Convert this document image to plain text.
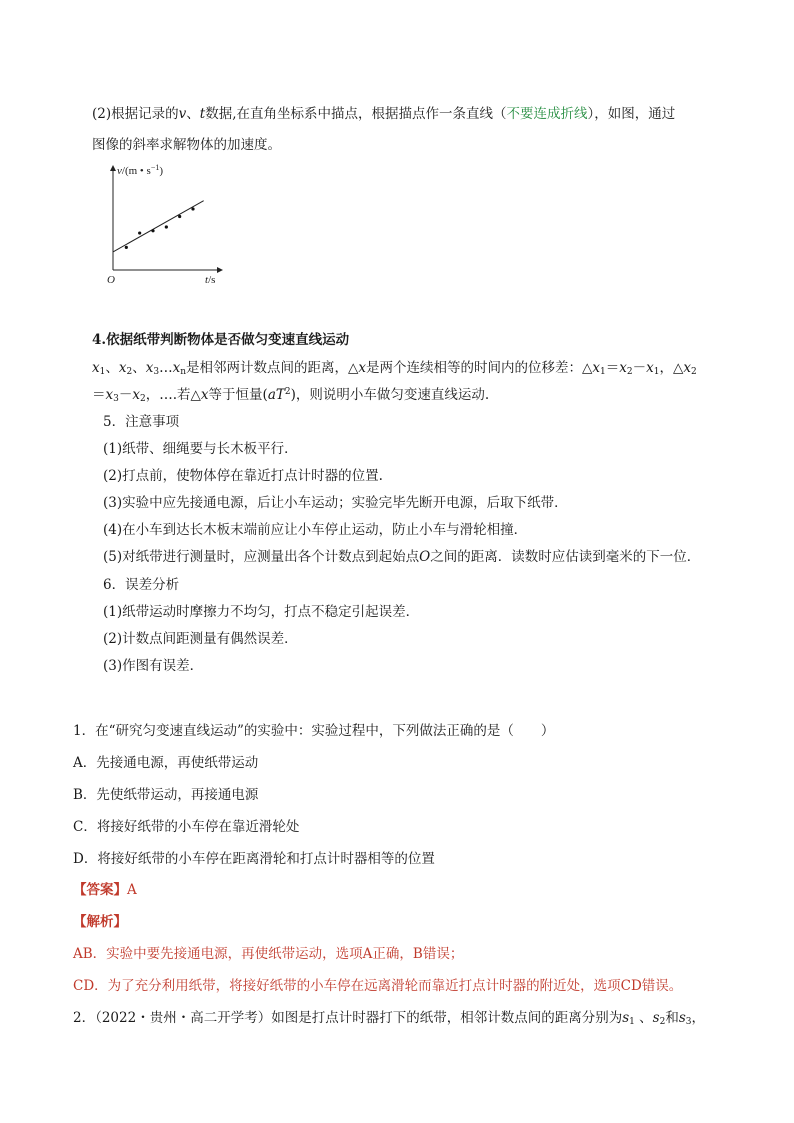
(2)根据记录的v、t数据,在直角坐标系中描点，根据描点作一条直线（不要连成折线），如图，通过
图像的斜率求解物体的加速度。
v/(m • $s^{-1}$)
t/s
O
4.依据纸带判断物体是否做匀变速直线运动
$x_1$、$x_2$、$x_3\dots x_n$是相邻两计数点间的距离，△x是两个连续相等的时间内的位移差：$\triangle x_1=x_2-x_1$，$\triangle x_2$
$=x_3-x_2$，….若△x等于恒量$(aT^2)$，则说明小车做匀变速直线运动.
5．注意事项
(1)纸带、细绳要与长木板平行．
(2)打点前，使物体停在靠近打点计时器的位置.
(3)实验中应先接通电源，后让小车运动；实验完毕先断开电源，后取下纸带．
(4)在小车到达长木板末端前应让小车停止运动，防止小车与滑轮相撞．
(5)对纸带进行测量时，应测量出各个计数点到起始点O之间的距离．读数时应估读到毫米的下一位．
6．误差分析
(1)纸带运动时摩擦力不均匀，打点不稳定引起误差．
(2)计数点间距测量有偶然误差．
(3)作图有误差．
1．在“研究匀变速直线运动”的实验中：实验过程中，下列做法正确的是（　　）
A．先接通电源，再使纸带运动
B．先使纸带运动，再接通电源
C．将接好纸带的小车停在靠近滑轮处
D．将接好纸带的小车停在距离滑轮和打点计时器相等的位置
【答案】A
【解析】
AB．实验中要先接通电源，再使纸带运动，选项A正确，B错误；
CD．为了充分利用纸带，将接好纸带的小车停在远离滑轮而靠近打点计时器的附近处，选项CD错误。
2．（2022・贵州・高二开学考）如图是打点计时器打下的纸带，相邻计数点间的距离分别为$s_1$ 、$s_2$和$s_3$，
